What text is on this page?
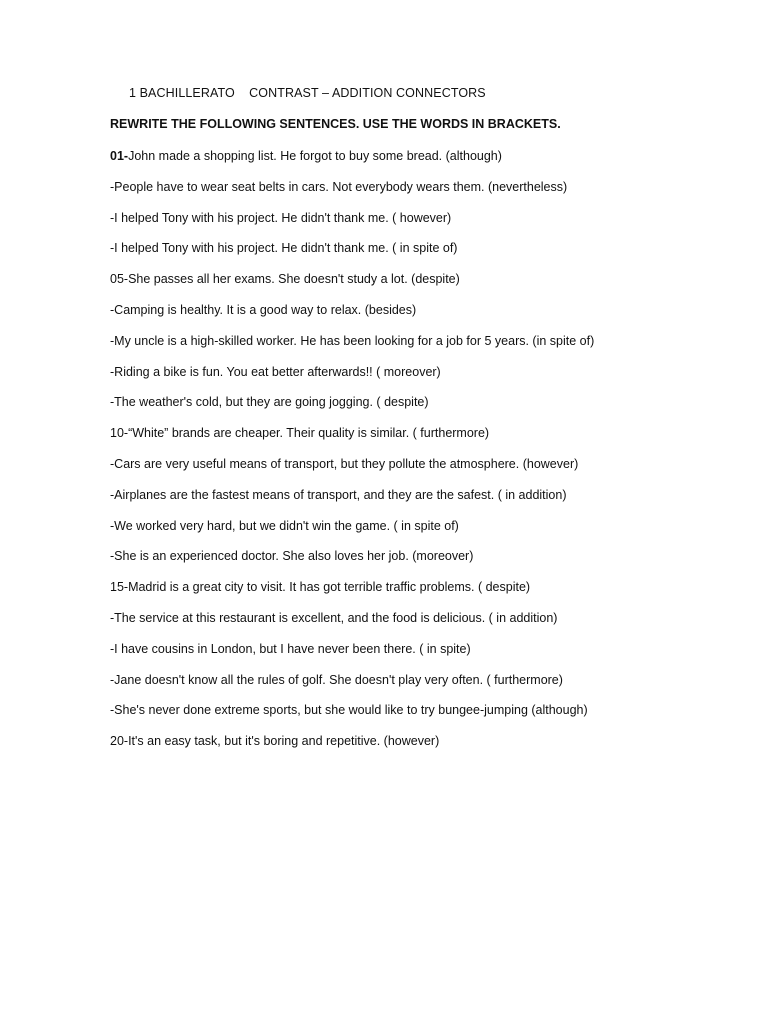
1 BACHILLERATO    CONTRAST – ADDITION CONNECTORS
REWRITE THE FOLLOWING SENTENCES. USE THE WORDS IN BRACKETS.
01-John made a shopping list. He forgot to buy some bread. (although)
-People have to wear seat belts in cars. Not everybody wears them. (nevertheless)
-I helped Tony with his project. He didn't thank me. ( however)
-I helped Tony with his project. He didn't thank me. ( in spite of)
05-She passes all her exams. She doesn't study a lot. (despite)
-Camping is healthy. It is a good way to relax. (besides)
-My uncle is a high-skilled worker. He has been looking for a job for 5 years. (in spite of)
-Riding a bike is fun. You eat better afterwards!! ( moreover)
-The weather's cold, but they are going jogging. ( despite)
10-“White” brands are cheaper. Their quality is similar. ( furthermore)
-Cars are very useful means of transport, but they pollute the atmosphere. (however)
-Airplanes are the fastest means of transport, and they are the safest. ( in addition)
-We worked very hard, but we didn't win the game. ( in spite of)
-She is an experienced doctor. She also loves her job. (moreover)
15-Madrid is a great city to visit. It has got terrible traffic problems. ( despite)
-The service at this restaurant is excellent, and the food is delicious. ( in addition)
-I have cousins in London, but I have never been there. ( in spite)
-Jane doesn't know all the rules of golf. She doesn't play very often. ( furthermore)
-She's never done extreme sports, but she would like to try bungee-jumping (although)
20-It's an easy task, but it's boring and repetitive. (however)
